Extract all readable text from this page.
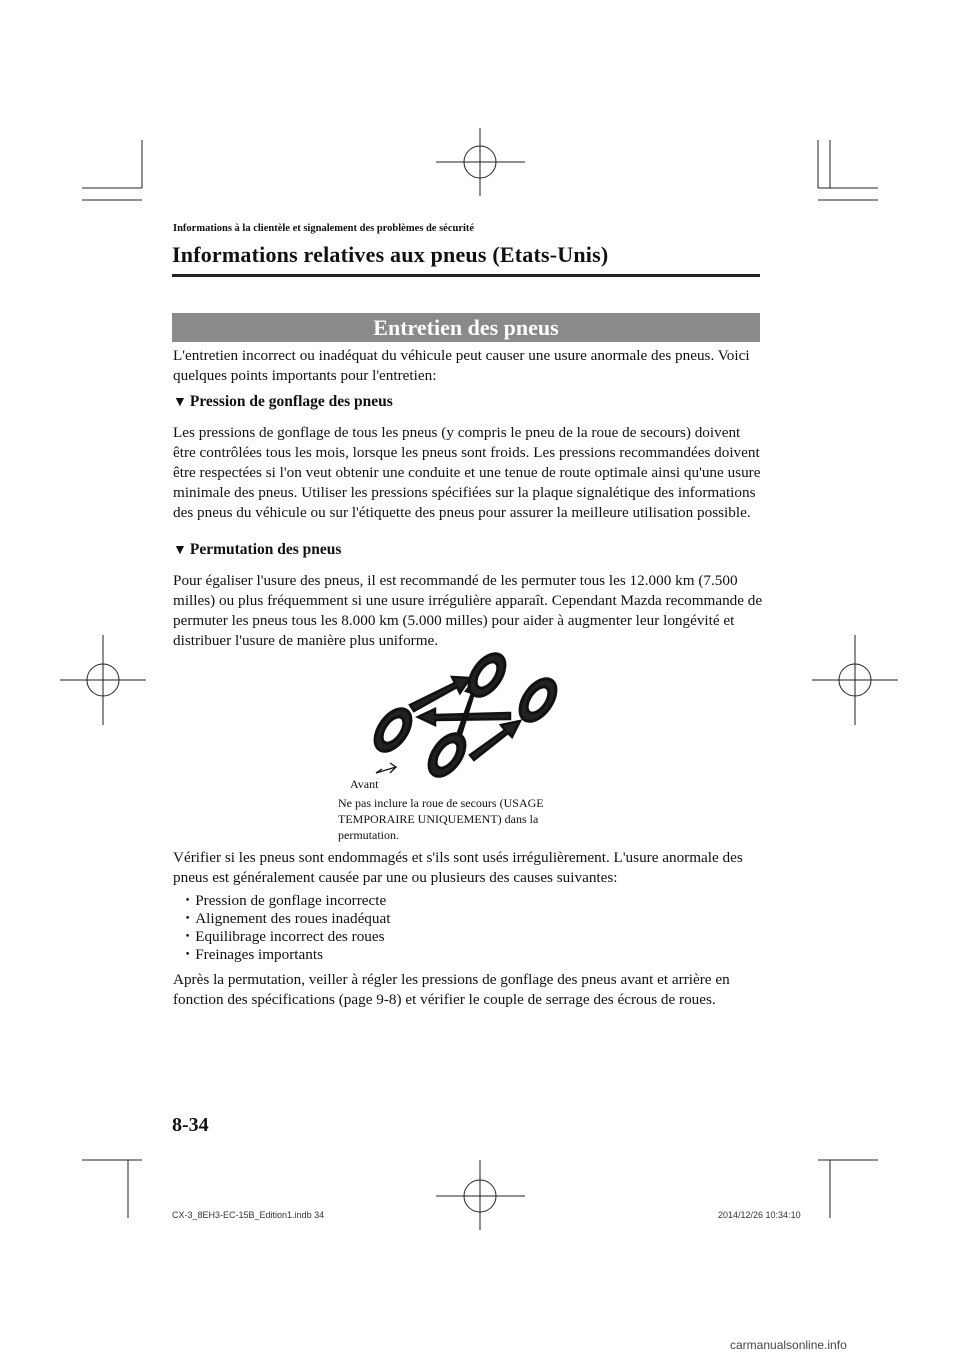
Informations à la clientèle et signalement des problèmes de sécurité
Informations relatives aux pneus (Etats-Unis)
Entretien des pneus
L'entretien incorrect ou inadéquat du véhicule peut causer une usure anormale des pneus. Voici quelques points importants pour l'entretien:
▼ Pression de gonflage des pneus
Les pressions de gonflage de tous les pneus (y compris le pneu de la roue de secours) doivent être contrôlées tous les mois, lorsque les pneus sont froids. Les pressions recommandées doivent être respectées si l'on veut obtenir une conduite et une tenue de route optimale ainsi qu'une usure minimale des pneus. Utiliser les pressions spécifiées sur la plaque signalétique des informations des pneus du véhicule ou sur l'étiquette des pneus pour assurer la meilleure utilisation possible.
▼ Permutation des pneus
Pour égaliser l'usure des pneus, il est recommandé de les permuter tous les 12.000 km (7.500 milles) ou plus fréquemment si une usure irrégulière apparaît. Cependant Mazda recommande de permuter les pneus tous les 8.000 km (5.000 milles) pour aider à augmenter leur longévité et distribuer l'usure de manière plus uniforme.
Avant
Ne pas inclure la roue de secours (USAGE TEMPORAIRE UNIQUEMENT) dans la permutation.
Vérifier si les pneus sont endommagés et s'ils sont usés irrégulièrement. L'usure anormale des pneus est généralement causée par une ou plusieurs des causes suivantes:
・Pression de gonflage incorrecte
・Alignement des roues inadéquat
・Equilibrage incorrect des roues
・Freinages importants
Après la permutation, veiller à régler les pressions de gonflage des pneus avant et arrière en fonction des spécifications (page 9-8) et vérifier le couple de serrage des écrous de roues.
8-34
CX-3_8EH3-EC-15B_Edition1.indb 34	2014/12/26 10:34:10
carmanualsonline.info
